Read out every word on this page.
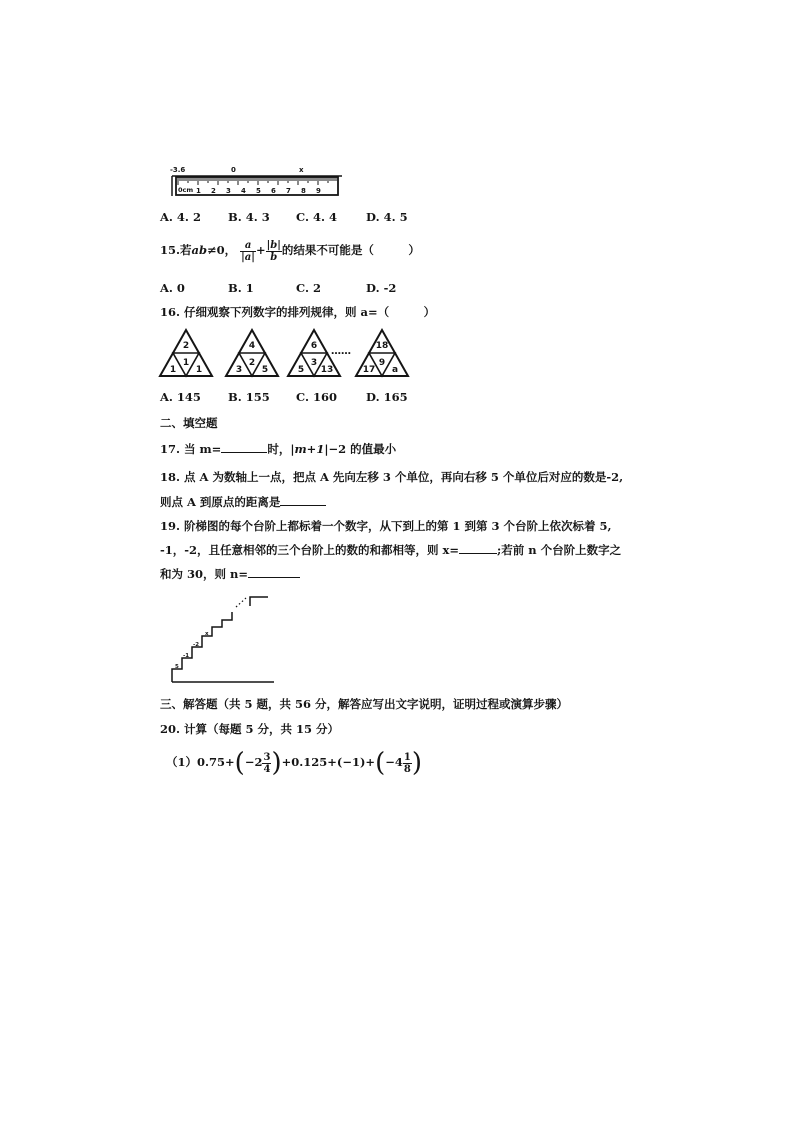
-3.6	0	x
0cm 1 2 3 4 5 6 7 8 9
A. 4. 2 B. 4. 3 C. 4. 4	D. 4. 5
15.若ab≠0， $\frac{a}{|a|} + \frac{|b|}{b}$ 的结果不可能是（　　　）
A. 0	B. 1	C. 2	D. -2
16. 仔细观察下列数字的排列规律，则 a=（　　　）
2
1
1
1
4
3
2
5
6
5
3
13
18
17
9
a
……
A. 145 B. 155 C. 160	D. 165
二、填空题
17. 当 m=	时，|m+1|−2 的值最小
18. 点 A 为数轴上一点，把点 A 先向左移 3 个单位，再向右移 5 个单位后对应的数是-2,
则点 A 到原点的距离是
19. 阶梯图的每个台阶上都标着一个数字，从下到上的第 1 到第 3 个台阶上依次标着 5,
-1，-2，且任意相邻的三个台阶上的数的和都相等，则 x=	;若前 n 个台阶上数字之
和为 30，则 n=
5
-1
-2
x
三、解答题（共 5 题，共 56 分，解答应写出文字说明，证明过程或演算步骤）
20. 计算（每题 5 分，共 15 分）
$(1)0.75+(-2 \frac{3}{4} )+0.125+(-1)+(-4 \frac{1}{8}$ )
